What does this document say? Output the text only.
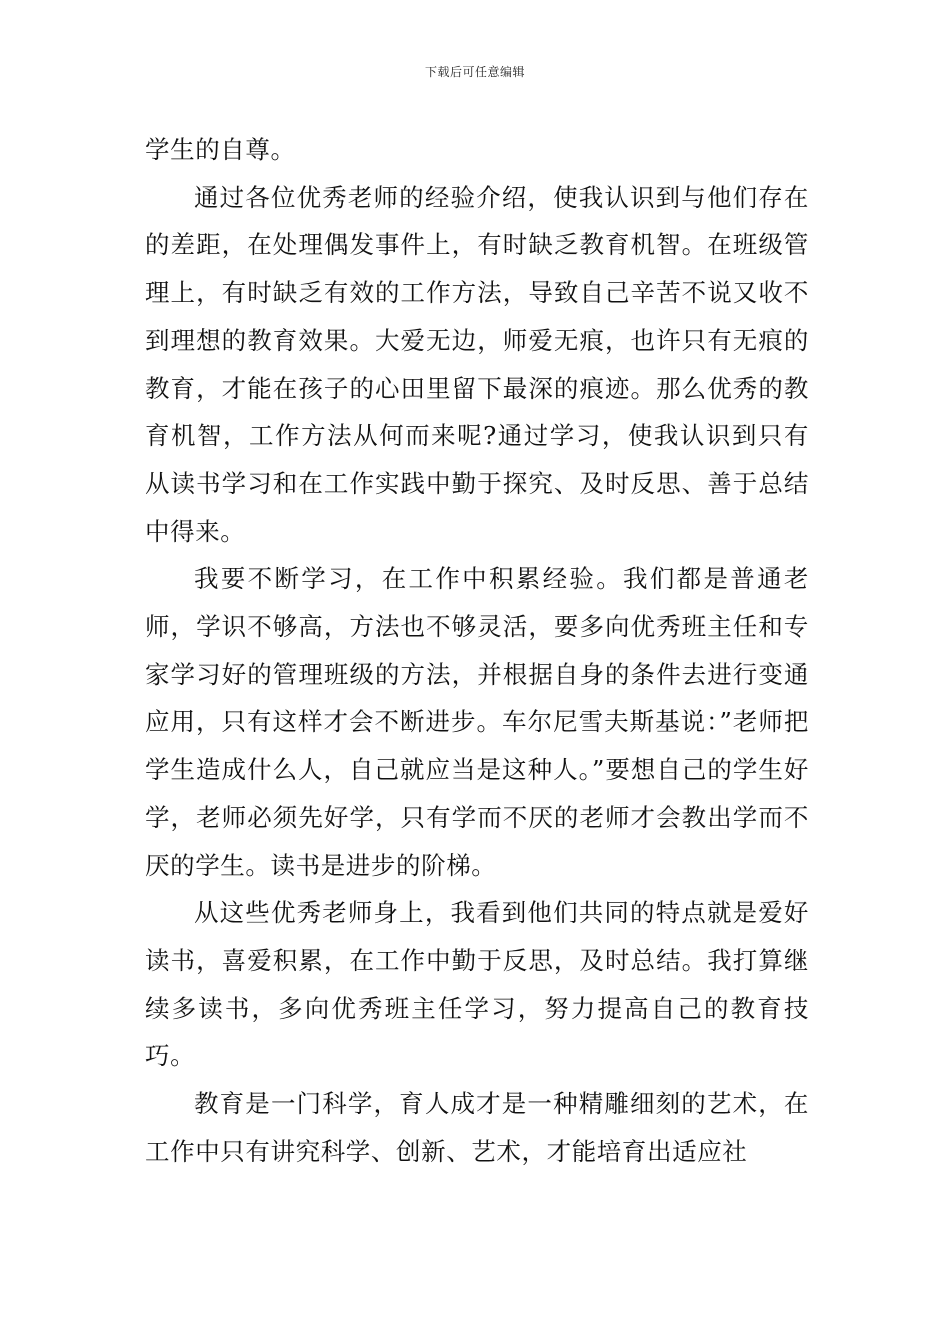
下载后可任意编辑

学生的自尊。

通过各位优秀老师的经验介绍，使我认识到与他们存在的差距，在处理偶发事件上，有时缺乏教育机智。在班级管理上，有时缺乏有效的工作方法，导致自己辛苦不说又收不到理想的教育效果。大爱无边，师爱无痕，也许只有无痕的教育，才能在孩子的心田里留下最深的痕迹。那么优秀的教育机智，工作方法从何而来呢?通过学习，使我认识到只有从读书学习和在工作实践中勤于探究、及时反思、善于总结中得来。

我要不断学习，在工作中积累经验。我们都是普通老师，学识不够高，方法也不够灵活，要多向优秀班主任和专家学习好的管理班级的方法，并根据自身的条件去进行变通应用，只有这样才会不断进步。车尔尼雪夫斯基说：”老师把学生造成什么人，自己就应当是这种人。”要想自己的学生好学，老师必须先好学，只有学而不厌的老师才会教出学而不厌的学生。读书是进步的阶梯。

从这些优秀老师身上，我看到他们共同的特点就是爱好读书，喜爱积累，在工作中勤于反思，及时总结。我打算继续多读书，多向优秀班主任学习，努力提高自己的教育技巧。

教育是一门科学，育人成才是一种精雕细刻的艺术，在工作中只有讲究科学、创新、艺术，才能培育出适应社
